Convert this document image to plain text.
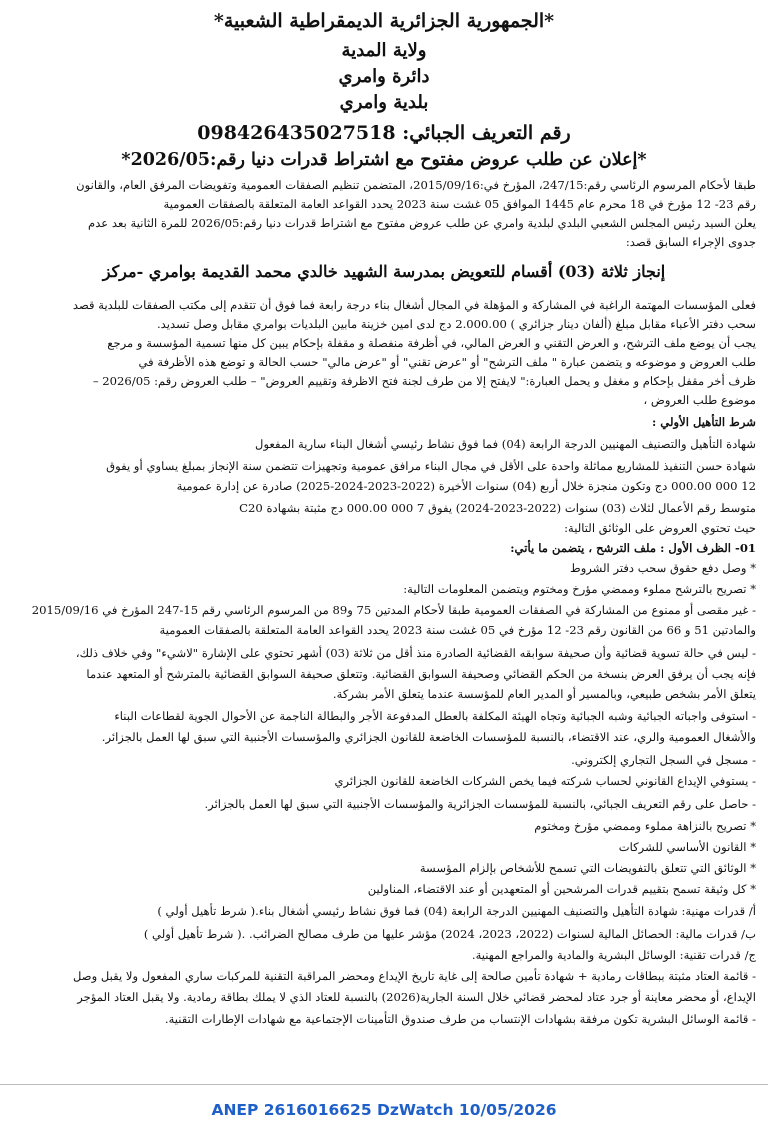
*الجمهورية الجزائرية الديمقراطية الشعبية*
ولاية المدية
دائرة وامري
بلدية وامري
رقم التعريف الجبائي: 098426435027518
*إعلان عن طلب عروض مفتوح مع اشتراط قدرات دنيا رقم:2026/05*
طبقا لأحكام المرسوم الرئاسي رقم:247/15، المؤرخ في:2015/09/16، المتضمن تنظيم الصفقات العمومية وتفويضات المرفق العام، والقانون
رقم 23- 12 مؤرخ في 18 محرم عام 1445 الموافق 05 غشت سنة 2023 يحدد القواعد العامة المتعلقة بالصفقات العمومية
يعلن السيد رئيس المجلس الشعبي البلدي لبلدية وامري عن طلب عروض مفتوح مع اشتراط قدرات دنيا رقم:2026/05 للمرة الثانية بعد عدم
جدوى الإجراء السابق قصد:
إنجاز ثلاثة (03) أقسام للتعويض بمدرسة الشهيد خالدي محمد القديمة بوامري -مركز
فعلى المؤسسات المهتمة الراغبة في المشاركة و المؤهلة في المجال أشغال بناء درجة رابعة فما فوق أن تتقدم إلى مكتب الصفقات للبلدية قصد
سحب دفتر الأعباء مقابل مبلغ (ألفان دينار جزائري ) 2.000.00 دج لدى امين خزينة مابين البلديات بوامري مقابل وصل تسديد.
يجب أن يوضع ملف الترشح، و العرض التقني و العرض المالي، في أظرفة منفصلة و مقفلة بإحكام يبين كل منها تسمية المؤسسة و مرجع
طلب العروض و موضوعه و يتضمن عبارة " ملف الترشح" أو "عرض تقني" أو "عرض مالي" حسب الحالة و توضع هذه الأظرفة في
ظرف أخر مقفل بإحكام و مغفل و يحمل العبارة:" لايفتح إلا من طرف لجنة فتح الاظرفة وتقييم العروض" – طلب العروض رقم: 2026/05 –
موضوع طلب العروض ،
شرط التأهيل الأولي :
شهادة التأهيل والتصنيف المهنيين الدرجة الرابعة (04) فما فوق نشاط رئيسي أشغال البناء سارية المفعول
شهادة حسن التنفيذ للمشاريع مماثلة واحدة على الأقل في مجال البناء مرافق عمومية وتجهيزات تتضمن سنة الإنجاز بمبلغ يساوي أو يفوق
12 000 000.00 دج وتكون منجزة خلال أربع (04) سنوات الأخيرة (2022-2023-2024-2025) صادرة عن إدارة عمومية
متوسط رقم الأعمال لثلاث (03) سنوات (2022-2023-2024) يفوق 7 000 000.00 دج مثبتة بشهادة C20
حيث تحتوي العروض على الوثائق التالية:
01- الظرف الأول : ملف الترشح ، يتضمن ما يأتي:
* وصل دفع حقوق سحب دفتر الشروط
* تصريح بالترشح مملوء وممضي مؤرخ ومختوم ويتضمن المعلومات التالية:
- غير مقصى أو ممنوع من المشاركة في الصفقات العمومية طبقا لأحكام المدتين 75 و89 من المرسوم الرئاسي رقم 15-247 المؤرخ في 2015/09/16
والمادتين 51 و 66 من القانون رقم 23- 12 مؤرخ في 05 غشت سنة 2023 يحدد القواعد العامة المتعلقة بالصفقات العمومية
- ليس في حالة تسوية قضائية وأن صحيفة سوابقه القضائية الصادرة منذ أقل من ثلاثة (03) أشهر تحتوي على الإشارة "لاشيء" وفي خلاف ذلك،
فإنه يجب أن يرفق العرض بنسخة من الحكم القضائي وصحيفة السوابق القضائية. وتتعلق صحيفة السوابق القضائية بالمترشح أو المتعهد عندما
يتعلق الأمر بشخص طبيعي، وبالمسير أو المدير العام للمؤسسة عندما يتعلق الأمر بشركة.
- استوفى واجباته الجبائية وشبه الجبائية وتجاه الهيئة المكلفة بالعطل المدفوعة الأجر والبطالة الناجمة عن الأحوال الجوية لقطاعات البناء
والأشغال العمومية والري، عند الاقتضاء، بالنسبة للمؤسسات الخاضعة للقانون الجزائري والمؤسسات الأجنبية التي سبق لها العمل بالجزائر.
- مسجل في السجل التجاري إلكتروني.
- يستوفي الإيداع القانوني لحساب شركته فيما يخص الشركات الخاضعة للقانون الجزائري
- حاصل على رقم التعريف الجبائي، بالنسبة للمؤسسات الجزائرية والمؤسسات الأجنبية التي سبق لها العمل بالجزائر.
* تصريح بالنزاهة مملوء وممضي مؤرخ ومختوم
* القانون الأساسي للشركات
* الوثائق التي تتعلق بالتفويضات التي تسمح للأشخاص بإلزام المؤسسة
* كل وثيقة تسمح بتقييم قدرات المرشحين أو المتعهدين أو عند الاقتضاء، المناولين
أ/ قدرات مهنية: شهادة التأهيل والتصنيف المهنيين الدرجة الرابعة (04) فما فوق نشاط رئيسي أشغال بناء.( شرط تأهيل أولي )
ب/ قدرات مالية: الحصائل المالية لسنوات (2022، 2023، 2024) مؤشر عليها من طرف مصالح الضرائب. .( شرط تأهيل أولي )
ج/ قدرات تقنية: الوسائل البشرية والمادية والمراجع المهنية.
- قائمة العتاد مثبتة ببطاقات رمادية + شهادة تأمين صالحة إلى غاية تاريخ الإيداع ومحضر المراقبة التقنية للمركبات ساري المفعول ولا يقبل وصل
الإيداع، أو محضر معاينة أو جرد عتاد لمحضر قضائي خلال السنة الجارية(2026) بالنسبة للعتاد الذي لا يملك بطاقة رمادية. ولا يقبل العتاد المؤجر
- قائمة الوسائل البشرية تكون مرفقة بشهادات الإنتساب من طرف صندوق التأمينات الإجتماعية مع شهادات الإطارات التقنية.
ANEP 2616016625 DzWatch 10/05/2026
